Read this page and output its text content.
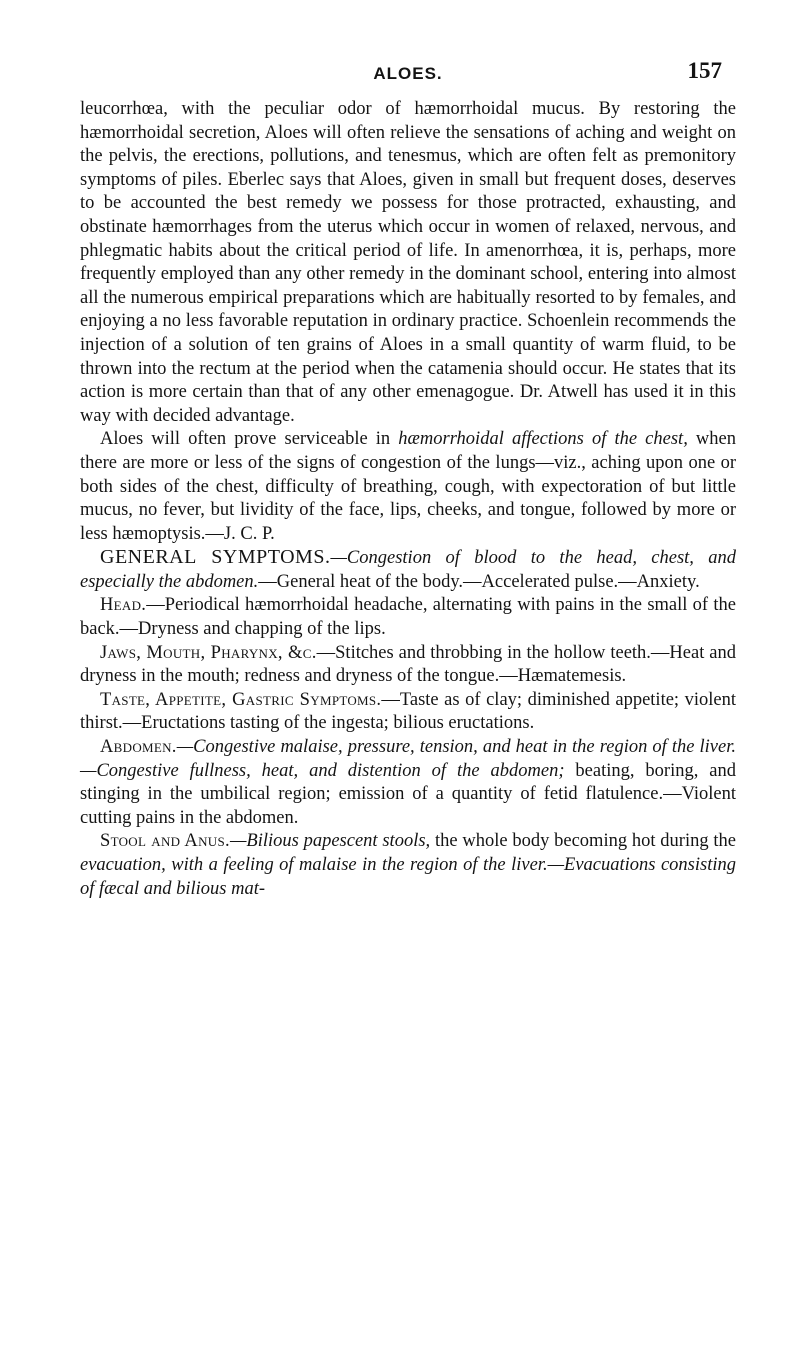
ALOES.	157

leucorrhœa, with the peculiar odor of hæmorrhoidal mucus. By restoring the hæmorrhoidal secretion, Aloes will often relieve the sensations of aching and weight on the pelvis, the erections, pollutions, and tenesmus, which are often felt as premonitory symptoms of piles. Eberlec says that Aloes, given in small but frequent doses, deserves to be accounted the best remedy we possess for those protracted, exhausting, and obstinate hæmorrhages from the uterus which occur in women of relaxed, nervous, and phlegmatic habits about the critical period of life. In amenorrhœa, it is, perhaps, more frequently employed than any other remedy in the dominant school, entering into almost all the numerous empirical preparations which are habitually resorted to by females, and enjoying a no less favorable reputation in ordinary practice. Schoenlein recommends the injection of a solution of ten grains of Aloes in a small quantity of warm fluid, to be thrown into the rectum at the period when the catamenia should occur. He states that its action is more certain than that of any other emenagogue. Dr. Atwell has used it in this way with decided advantage.

Aloes will often prove serviceable in hæmorrhoidal affections of the chest, when there are more or less of the signs of congestion of the lungs—viz., aching upon one or both sides of the chest, difficulty of breathing, cough, with expectoration of but little mucus, no fever, but lividity of the face, lips, cheeks, and tongue, followed by more or less hæmoptysis.—J. C. P.

GENERAL SYMPTOMS.—Congestion of blood to the head, chest, and especially the abdomen.—General heat of the body.—Accelerated pulse.—Anxiety.

Head.—Periodical hæmorrhoidal headache, alternating with pains in the small of the back.—Dryness and chapping of the lips.

Jaws, Mouth, Pharynx, &c.—Stitches and throbbing in the hollow teeth.—Heat and dryness in the mouth; redness and dryness of the tongue.—Hæmatemesis.

Taste, Appetite, Gastric Symptoms.—Taste as of clay; diminished appetite; violent thirst.—Eructations tasting of the ingesta; bilious eructations.

Abdomen.—Congestive malaise, pressure, tension, and heat in the region of the liver.—Congestive fullness, heat, and distention of the abdomen; beating, boring, and stinging in the umbilical region; emission of a quantity of fetid flatulence.—Violent cutting pains in the abdomen.

Stool and Anus.—Bilious papescent stools, the whole body becoming hot during the evacuation, with a feeling of malaise in the region of the liver.—Evacuations consisting of fæcal and bilious mat-
